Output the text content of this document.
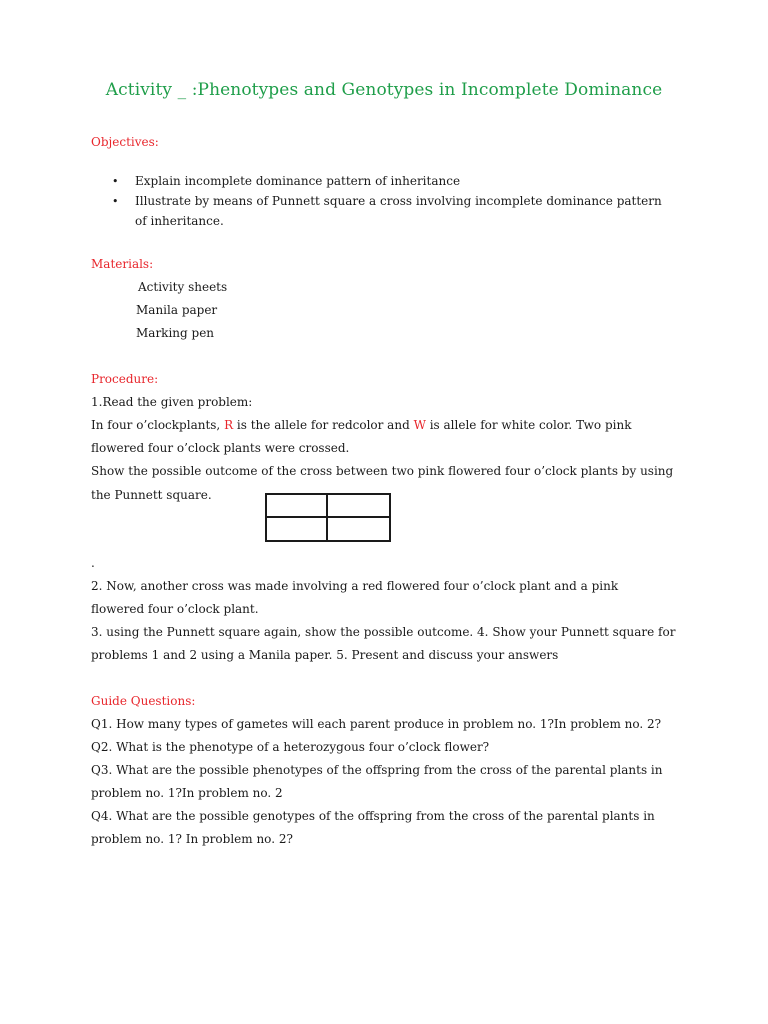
Activity _ :Phenotypes and Genotypes in Incomplete Dominance
Objectives:
• Explain incomplete dominance pattern of inheritance
• Illustrate by means of Punnett square a cross involving incomplete dominance pattern
of inheritance.
Materials:
Activity sheets
Manila paper
Marking pen
Procedure:
1.Read the given problem:
In four o’clockplants, R is the allele for redcolor and W is allele for white color. Two pink
flowered four o’clock plants were crossed.
Show the possible outcome of the cross between two pink flowered four o’clock plants by using
the Punnett square.
.
2. Now, another cross was made involving a red flowered four o’clock plant and a pink
flowered four o’clock plant.
3. using the Punnett square again, show the possible outcome. 4. Show your Punnett square for
problems 1 and 2 using a Manila paper. 5. Present and discuss your answers
Guide Questions:
Q1. How many types of gametes will each parent produce in problem no. 1?In problem no. 2?
Q2. What is the phenotype of a heterozygous four o’clock flower?
Q3. What are the possible phenotypes of the offspring from the cross of the parental plants in
problem no. 1?In problem no. 2
Q4. What are the possible genotypes of the offspring from the cross of the parental plants in
problem no. 1? In problem no. 2?
